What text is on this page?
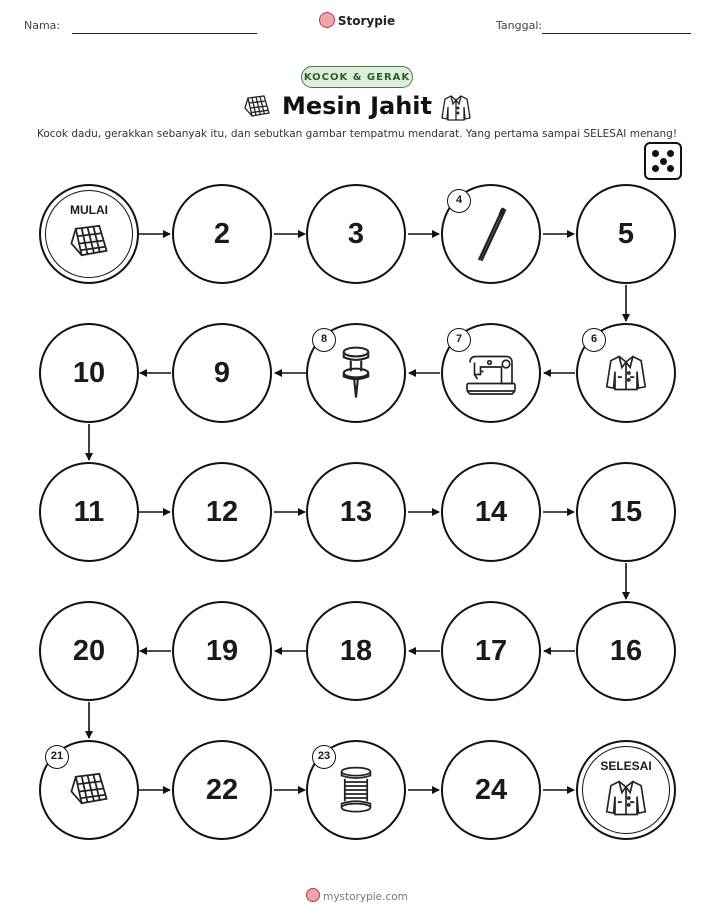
Nama:	Storypie	Tanggal:
KOCOK & GERAK
Mesin Jahit
Kocok dadu, gerakkan sebanyak itu, dan sebutkan gambar tempatmu mendarat. Yang pertama sampai SELESAI menang!
SELESAI
24
22
20	19	18	17	16
15
14
13
12
11
10	9
5
3
2
MULAI
4
6
7
8
21	23
mystorypie.com
